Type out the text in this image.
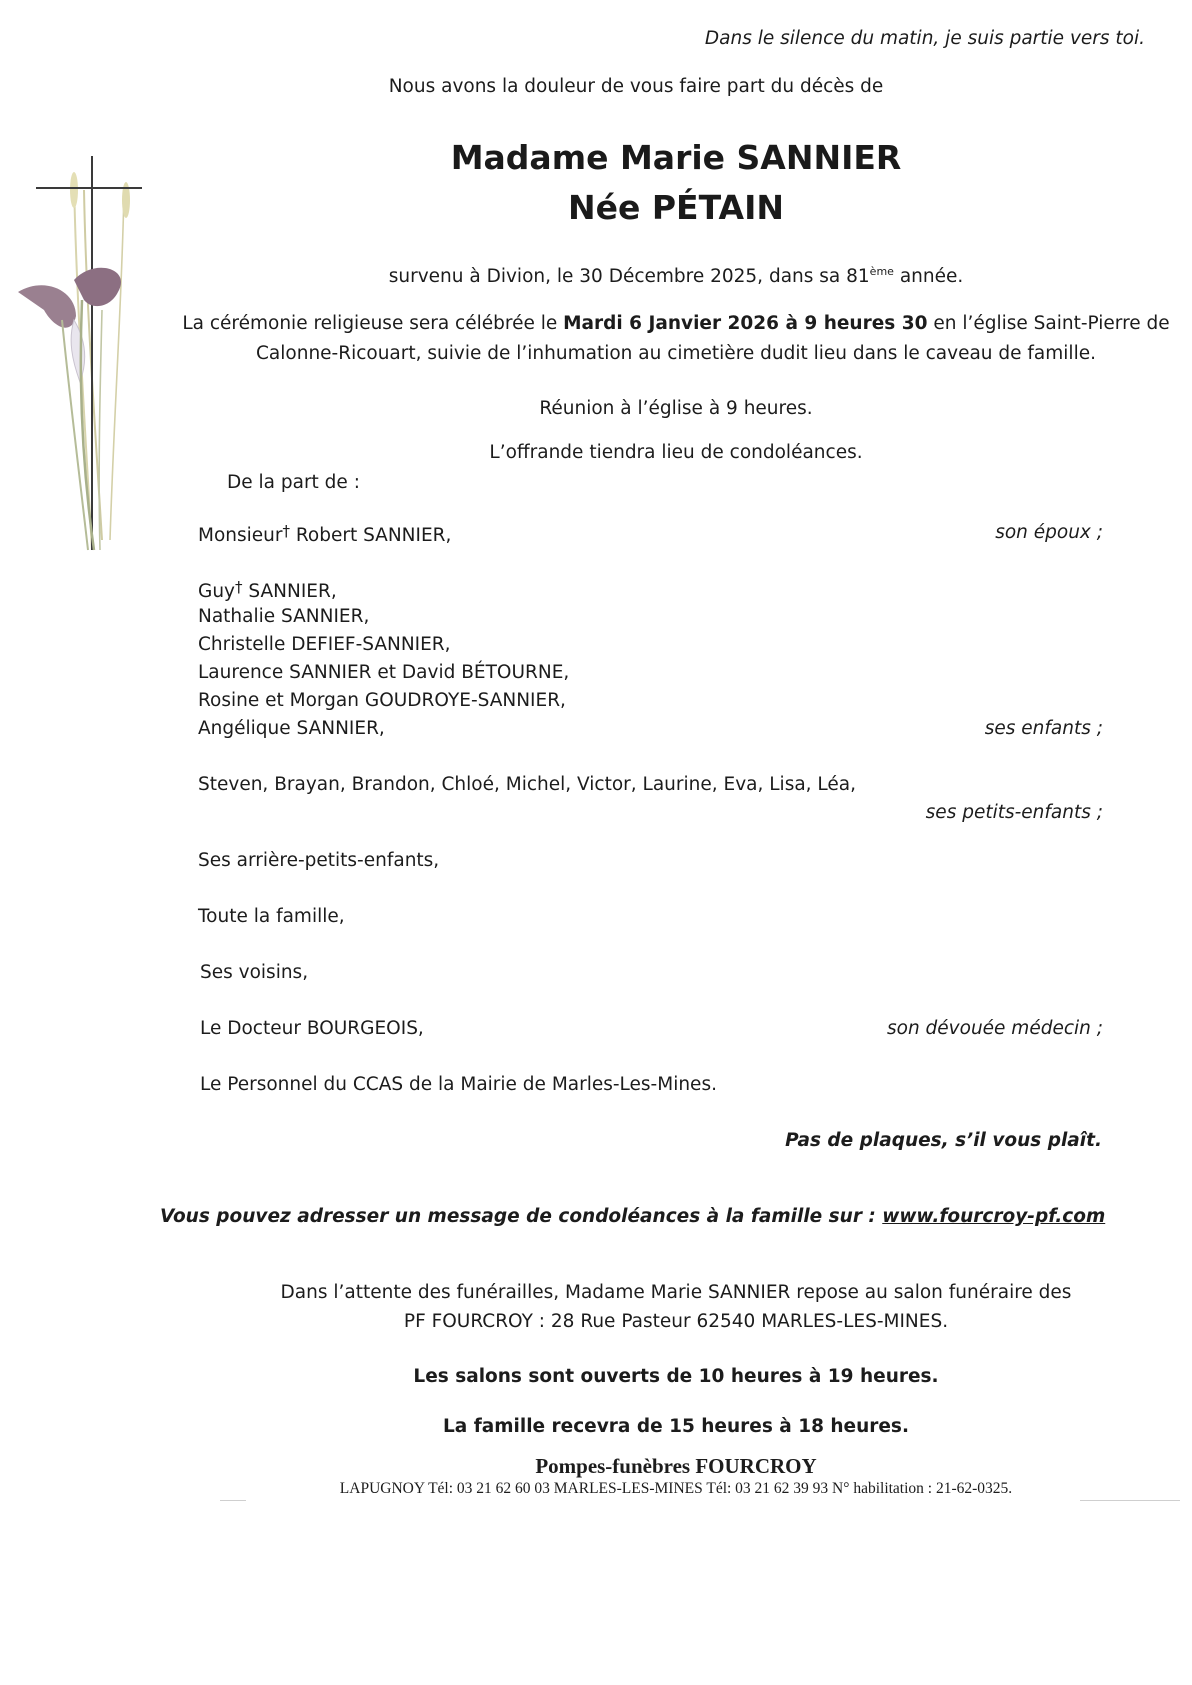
Dans le silence du matin, je suis partie vers toi.
Nous avons la douleur de vous faire part du décès de
Madame Marie SANNIER
Née PÉTAIN
survenu à Divion, le 30 Décembre 2025, dans sa 81ème année.
La cérémonie religieuse sera célébrée le Mardi 6 Janvier 2026 à 9 heures 30 en l’église Saint-Pierre de
Calonne-Ricouart, suivie de l’inhumation au cimetière dudit lieu dans le caveau de famille.
Réunion à l’église à 9 heures.
L’offrande tiendra lieu de condoléances.
De la part de :
Monsieur† Robert SANNIER,	son époux ;
Guy† SANNIER,
Nathalie SANNIER,
Christelle DEFIEF-SANNIER,
Laurence SANNIER et David BÉTOURNE,
Rosine et Morgan GOUDROYE-SANNIER,
Angélique SANNIER,	ses enfants ;
Steven, Brayan, Brandon, Chloé, Michel, Victor, Laurine, Eva, Lisa, Léa,
ses petits-enfants ;
Ses arrière-petits-enfants,
Toute la famille,
Ses voisins,
Le Docteur BOURGEOIS,	son dévouée médecin ;
Le Personnel du CCAS de la Mairie de Marles-Les-Mines.
Pas de plaques, s’il vous plaît.
Vous pouvez adresser un message de condoléances à la famille sur : www.fourcroy-pf.com
Dans l’attente des funérailles, Madame Marie SANNIER repose au salon funéraire des
PF FOURCROY : 28 Rue Pasteur 62540 MARLES-LES-MINES.
Les salons sont ouverts de 10 heures à 19 heures.
La famille recevra de 15 heures à 18 heures.
Pompes-funèbres FOURCROY
LAPUGNOY Tél: 03 21 62 60 03 MARLES-LES-MINES Tél: 03 21 62 39 93 N° habilitation : 21-62-0325.
